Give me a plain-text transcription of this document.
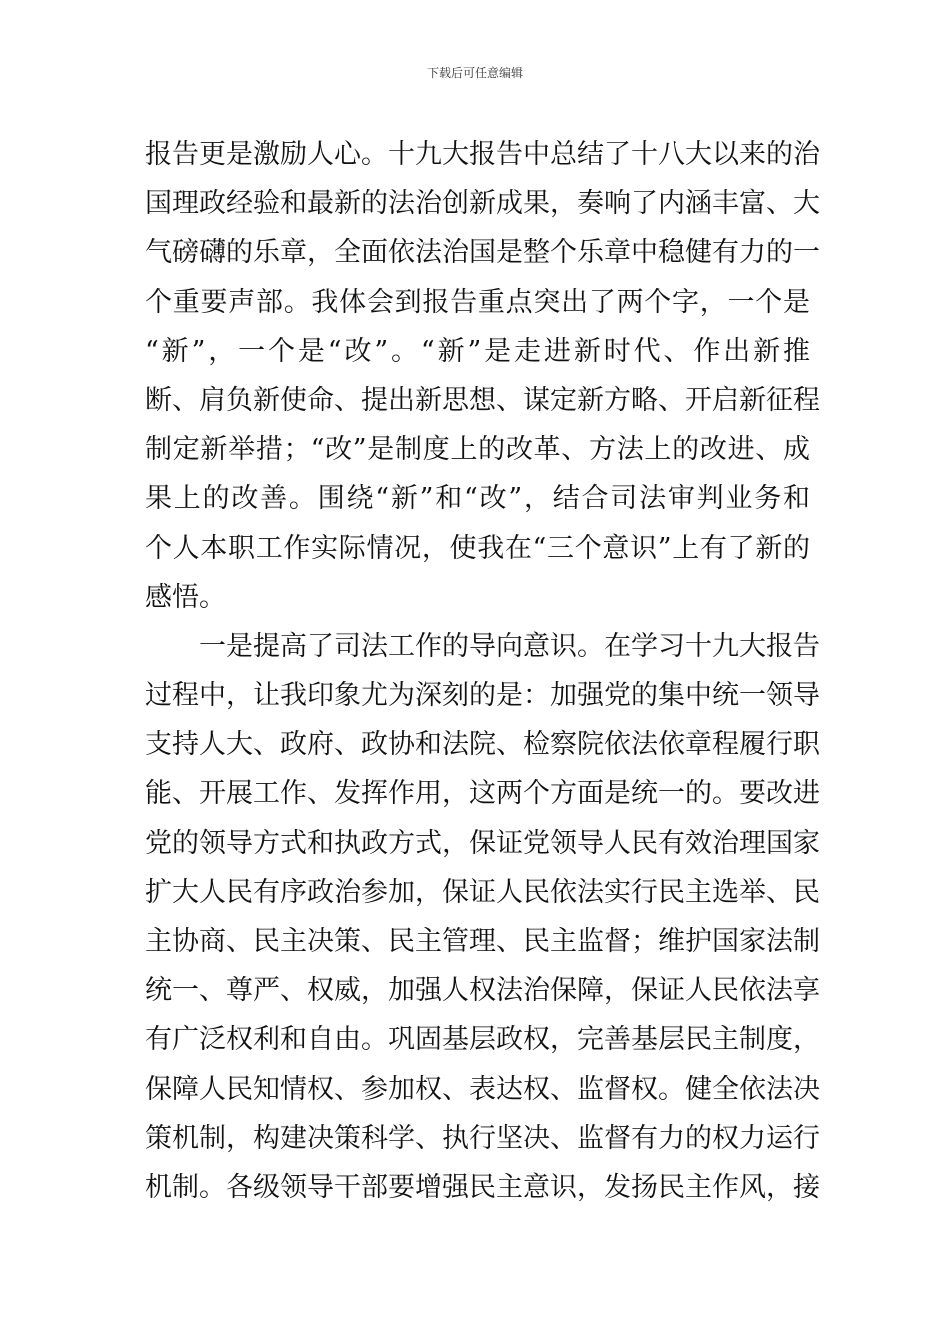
下载后可任意编辑
报告更是激励人心。十九大报告中总结了十八大以来的治
国理政经验和最新的法治创新成果，奏响了内涵丰富、大
气磅礴的乐章，全面依法治国是整个乐章中稳健有力的一
个重要声部。我体会到报告重点突出了两个字，一个是
“新”，一个是“改”。“新”是走进新时代、作出新推
断、肩负新使命、提出新思想、谋定新方略、开启新征程
制定新举措；“改”是制度上的改革、方法上的改进、成
果上的改善。围绕“新”和“改”，结合司法审判业务和
个人本职工作实际情况，使我在“三个意识”上有了新的
感悟。
一是提高了司法工作的导向意识。在学习十九大报告
过程中，让我印象尤为深刻的是：加强党的集中统一领导
支持人大、政府、政协和法院、检察院依法依章程履行职
能、开展工作、发挥作用，这两个方面是统一的。要改进
党的领导方式和执政方式，保证党领导人民有效治理国家
扩大人民有序政治参加，保证人民依法实行民主选举、民
主协商、民主决策、民主管理、民主监督；维护国家法制
统一、尊严、权威，加强人权法治保障，保证人民依法享
有广泛权利和自由。巩固基层政权，完善基层民主制度，
保障人民知情权、参加权、表达权、监督权。健全依法决
策机制，构建决策科学、执行坚决、监督有力的权力运行
机制。各级领导干部要增强民主意识，发扬民主作风，接
